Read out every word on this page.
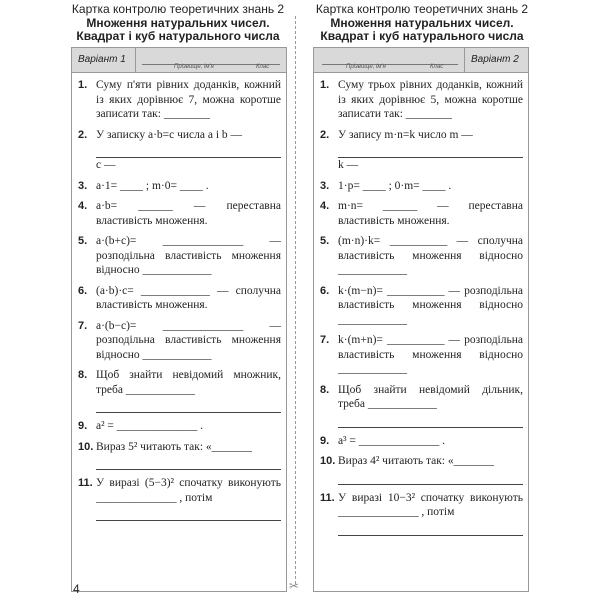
✂
Картка контролю теоретичних знань 2
Множення натуральних чисел.
Квадрат і куб натурального числа
Картка контролю теоретичних знань 2
Множення натуральних чисел.
Квадрат і куб натурального числа
Варіант 1
Прізвище, ім'я	Клас
1. Суму п'яти рівних доданків, кожний із яких дорівнює 7, можна коротше записати так: ________

2. У записку a·b=c числа a і b —

c —

3. a·1= ____ ; m·0= ____ .

4. a·b= ______ — переставна властивість множення.

5. a·(b+c)= ______________ — розподільна властивість множення відносно ____________

6. (a·b)·c= ____________ — сполучна властивість множення.

7. a·(b−c)= ______________ — розподільна властивість множення відносно ____________

8. Щоб знайти невідомий множник, треба ____________

9. a² = ______________ .

10. Вираз 5² читають так: «_______

11. У виразі (5−3)² спочатку виконують ______________ , потім

Прізвище, ім'я	Клас
Варіант 2
1. Суму трьох рівних доданків, кожний із яких дорівнює 5, можна коротше записати так: ________

2. У запису m·n=k число m —

k —

3. 1·p= ____ ; 0·m= ____ .

4. m·n= ______ — переставна властивість множення.

5. (m·n)·k= __________ — сполучна властивість множення відносно ____________

6. k·(m−n)= __________ — розподільна властивість множення відносно ____________

7. k·(m+n)= __________ — розподільна властивість множення відносно ____________

8. Щоб знайти невідомий дільник, треба ____________

9. a³ = ______________ .

10. Вираз 4² читають так: «_______

11. У виразі 10−3² спочатку виконують ______________ , потім

4
